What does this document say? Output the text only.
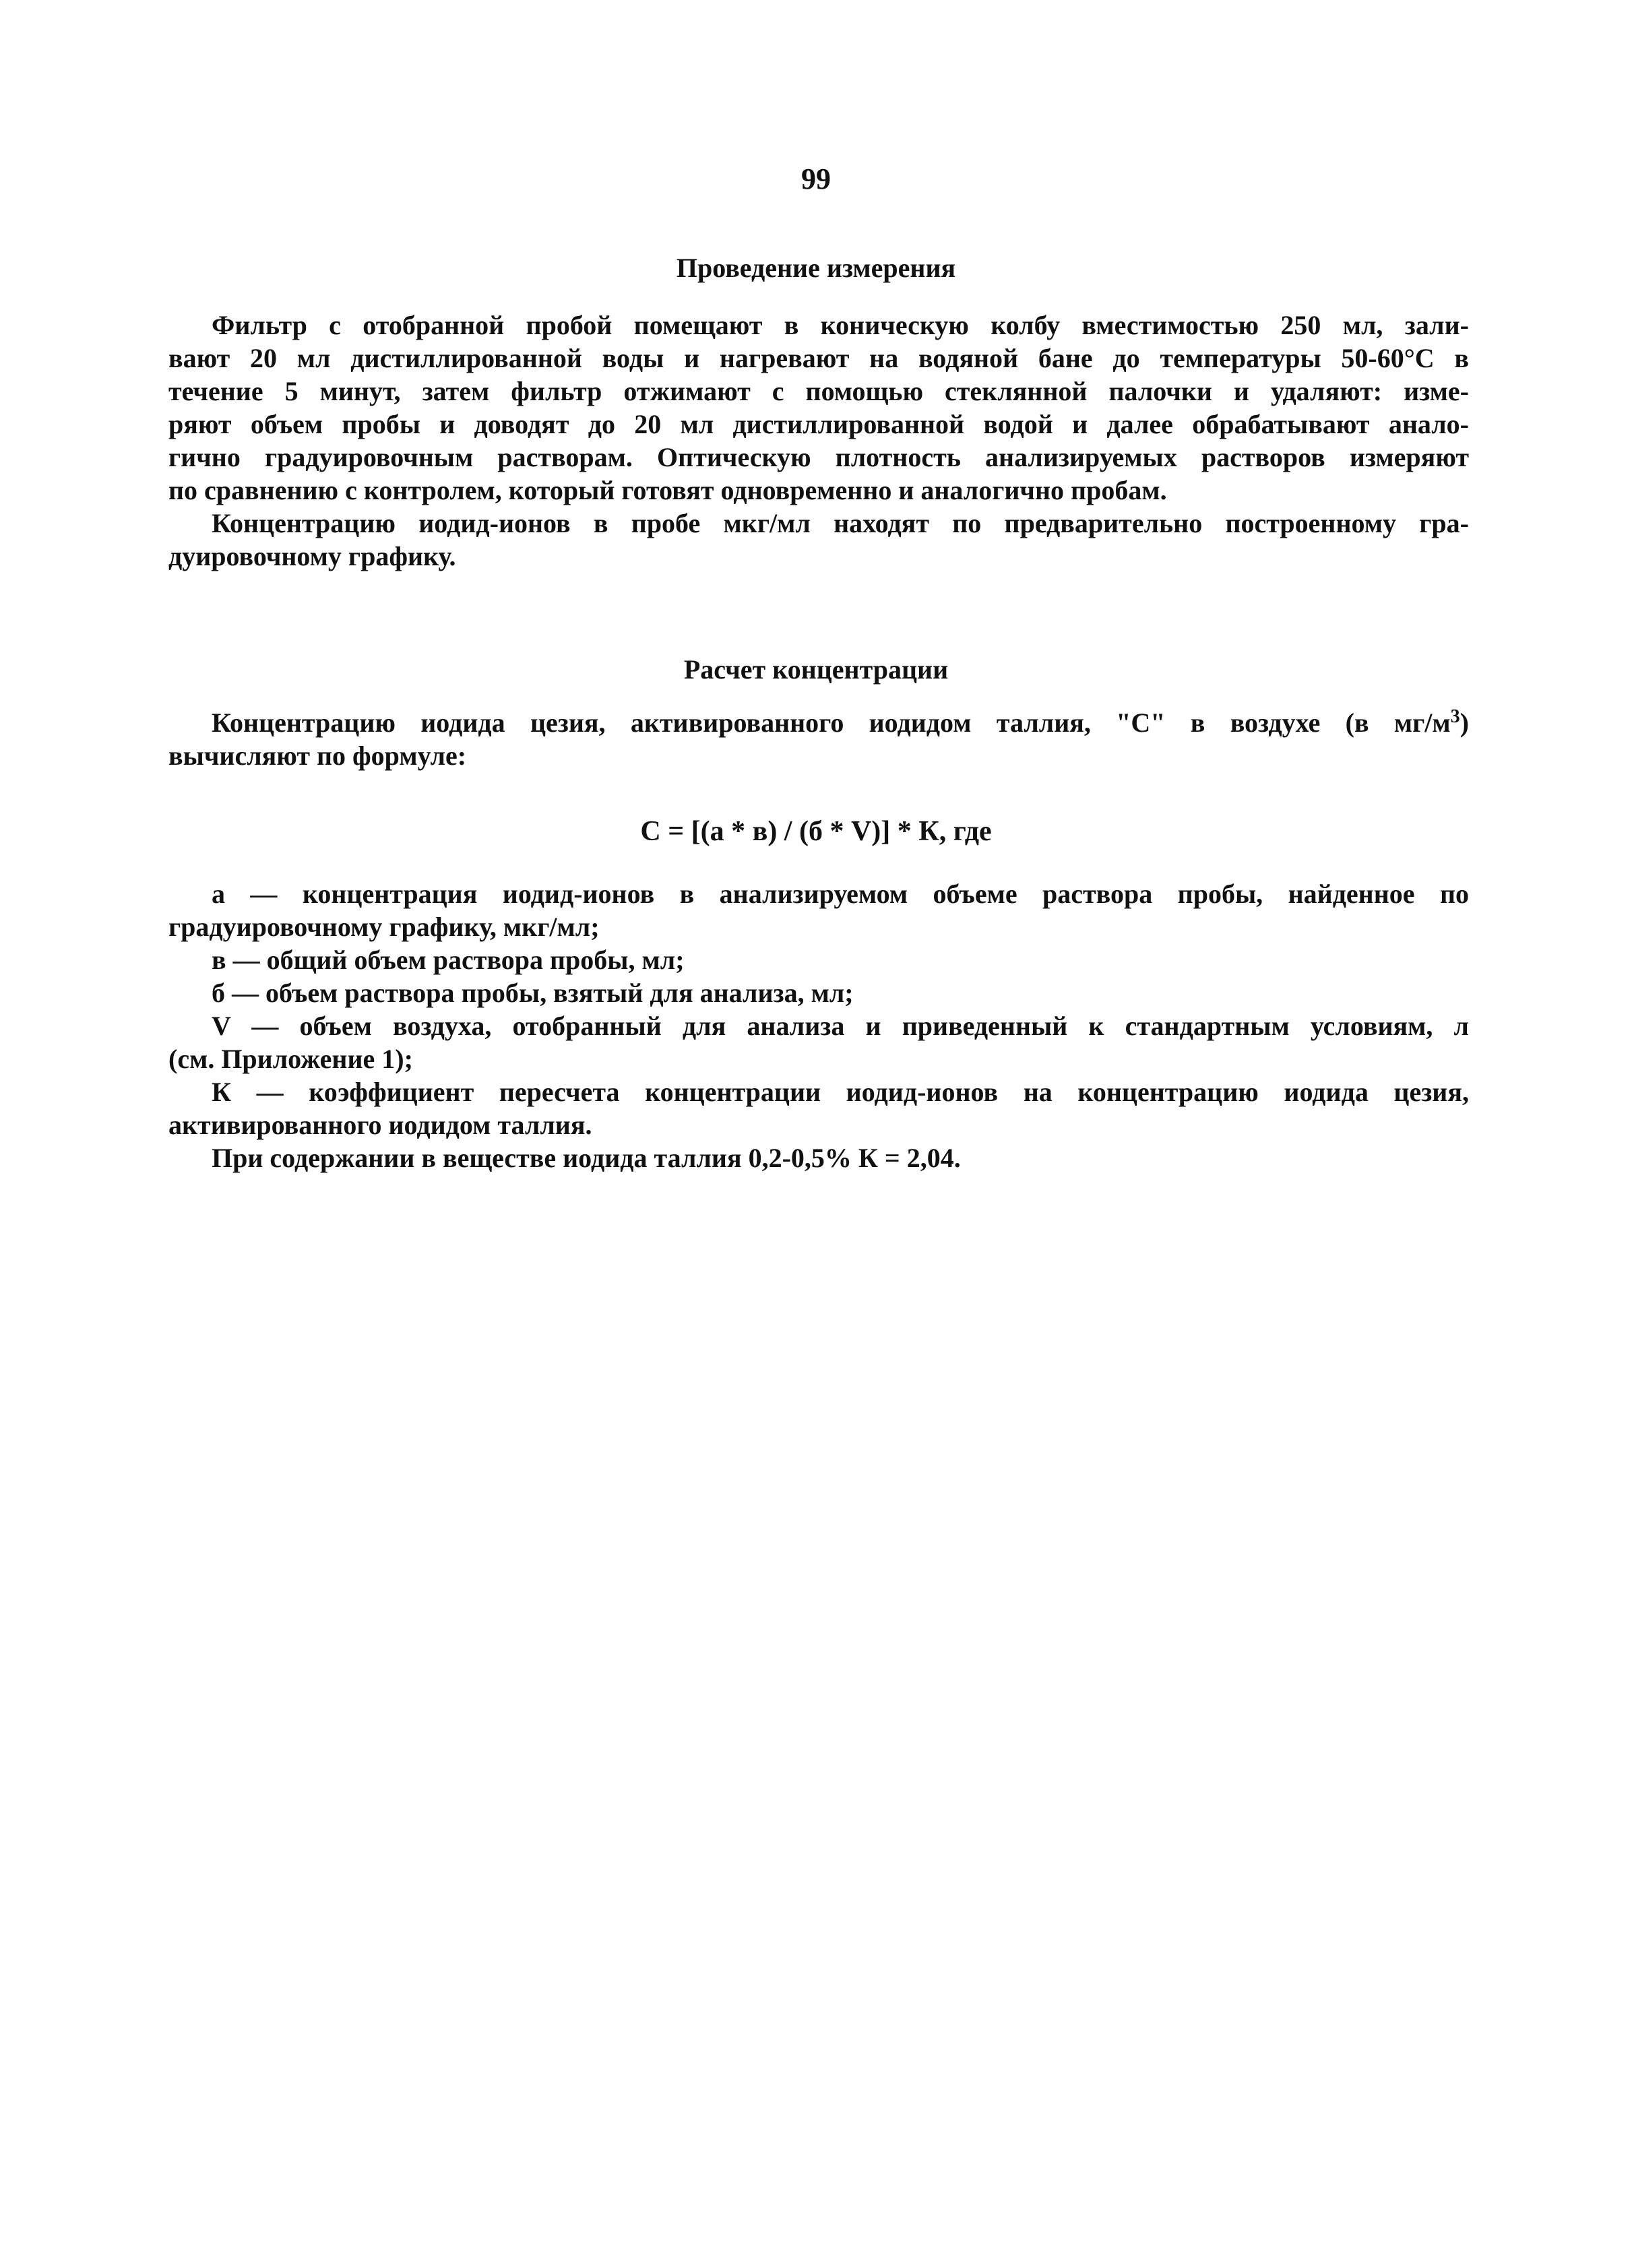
99
Проведение измерения
Фильтр с отобранной пробой помещают в коническую колбу вместимостью 250 мл, зали-
вают 20 мл дистиллированной воды и нагревают на водяной бане до температуры 50-60°С в
течение 5 минут, затем фильтр отжимают с помощью стеклянной палочки и удаляют: изме-
ряют объем пробы и доводят до 20 мл дистиллированной водой и далее обрабатывают анало-
гично градуировочным растворам. Оптическую плотность анализируемых растворов измеряют
по сравнению с контролем, который готовят одновременно и аналогично пробам.
Концентрацию иодид-ионов в пробе мкг/мл находят по предварительно построенному гра-
дуировочному графику.
Расчет концентрации
Концентрацию иодида цезия, активированного иодидом таллия, "С" в воздухе (в $мг/м^3$)
вычисляют по формуле:
С = [(а * в) / (б * V)] * К, где
а — концентрация иодид-ионов в анализируемом объеме раствора пробы, найденное по
градуировочному графику, мкг/мл;
в — общий объем раствора пробы, мл;
б — объем раствора пробы, взятый для анализа, мл;
V — объем воздуха, отобранный для анализа и приведенный к стандартным условиям, л
(см. Приложение 1);
К — коэффициент пересчета концентрации иодид-ионов на концентрацию иодида цезия,
активированного иодидом таллия.
При содержании в веществе иодида таллия 0,2-0,5% К = 2,04.
